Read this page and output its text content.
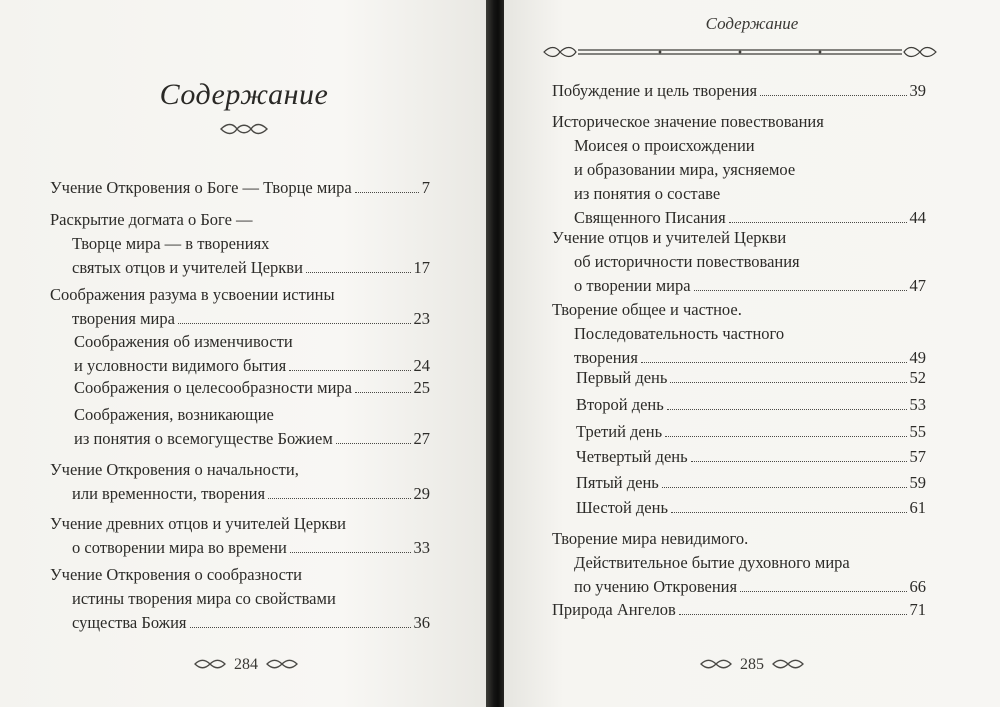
Содержание
Учение Откровения о Боге — Творце мира	7
Раскрытие догмата о Боге —
Творце мира — в творениях
святых отцов и учителей Церкви	17
Соображения разума в усвоении истины
творения мира	23
Соображения об изменчивости
и условности видимого бытия	24
Соображения о целесообразности мира	25
Соображения, возникающие
из понятия о всемогуществе Божием	27
Учение Откровения о начальности,
или временности, творения	29
Учение древних отцов и учителей Церкви
о сотворении мира во времени	33
Учение Откровения о сообразности
истины творения мира со свойствами
существа Божия	36
284
Содержание
Побуждение и цель творения	39
Историческое значение повествования
Моисея о происхождении
и образовании мира, уясняемое
из понятия о составе
Священного Писания	44
Учение отцов и учителей Церкви
об историчности повествования
о творении мира	47
Творение общее и частное.
Последовательность частного
творения	49
Первый день	52
Второй день	53
Третий день	55
Четвертый день	57
Пятый день	59
Шестой день	61
Творение мира невидимого.
Действительное бытие духовного мира
по учению Откровения	66
Природа Ангелов	71
285
